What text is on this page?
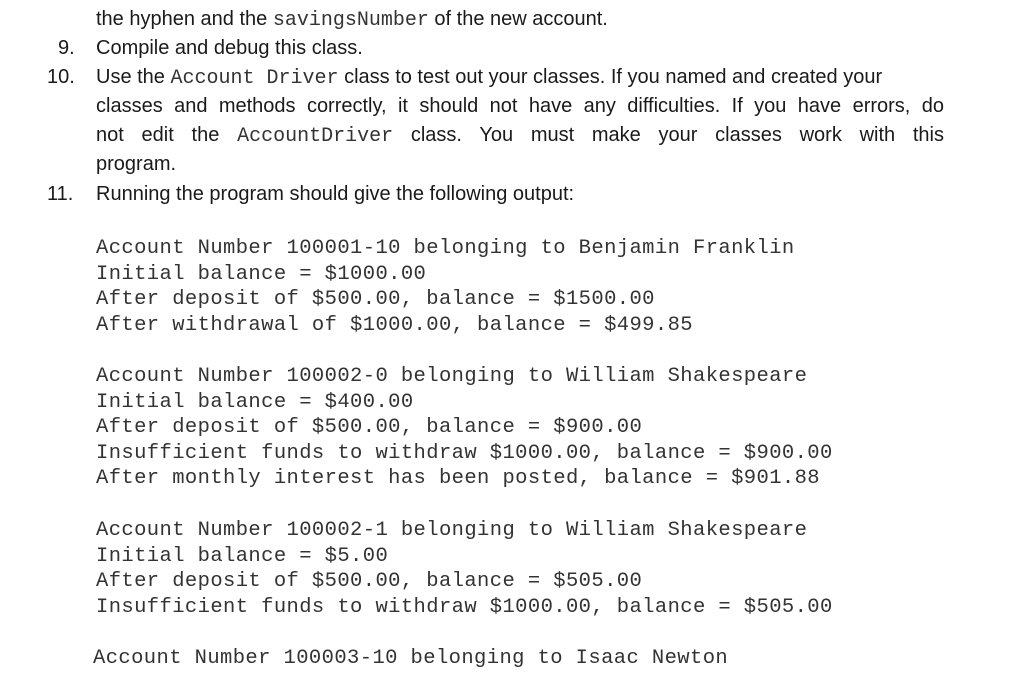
the hyphen and the savingsNumber of the new account.
9. Compile and debug this class.
10. Use the Account Driver class to test out your classes. If you named and created your
classes and methods correctly, it should not have any difficulties. If you have errors, do
not edit the AccountDriver class. You must make your classes work with this
program.
11. Running the program should give the following output:
Account Number 100001-10 belonging to Benjamin Franklin
Initial balance = $1000.00
After deposit of $500.00, balance = $1500.00
After withdrawal of $1000.00, balance = $499.85
Account Number 100002-0 belonging to William Shakespeare
Initial balance = $400.00
After deposit of $500.00, balance = $900.00
Insufficient funds to withdraw $1000.00, balance = $900.00
After monthly interest has been posted, balance = $901.88
Account Number 100002-1 belonging to William Shakespeare
Initial balance = $5.00
After deposit of $500.00, balance = $505.00
Insufficient funds to withdraw $1000.00, balance = $505.00
Account Number 100003-10 belonging to Isaac Newton
